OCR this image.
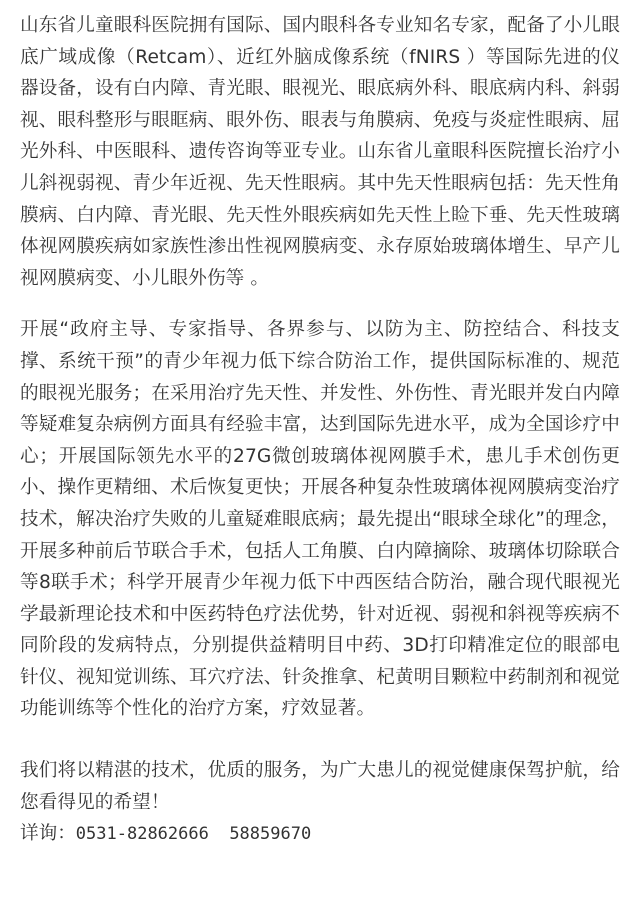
山东省儿童眼科医院拥有国际、国内眼科各专业知名专家，配备了小儿眼底广域成像（Retcam）、近红外脑成像系统（fNIRS ）等国际先进的仪器设备，设有白内障、青光眼、眼视光、眼底病外科、眼底病内科、斜弱视、眼科整形与眼眶病、眼外伤、眼表与角膜病、免疫与炎症性眼病、屈光外科、中医眼科、遗传咨询等亚专业。山东省儿童眼科医院擅长治疗小儿斜视弱视、青少年近视、先天性眼病。其中先天性眼病包括：先天性角膜病、白内障、青光眼、先天性外眼疾病如先天性上睑下垂、先天性玻璃体视网膜疾病如家族性渗出性视网膜病变、永存原始玻璃体增生、早产儿视网膜病变、小儿眼外伤等 。

开展“政府主导、专家指导、各界参与、以防为主、防控结合、科技支撑、系统干预”的青少年视力低下综合防治工作，提供国际标准的、规范的眼视光服务；在采用治疗先天性、并发性、外伤性、青光眼并发白内障等疑难复杂病例方面具有经验丰富，达到国际先进水平，成为全国诊疗中心；开展国际领先水平的27G微创玻璃体视网膜手术，患儿手术创伤更小、操作更精细、术后恢复更快；开展各种复杂性玻璃体视网膜病变治疗技术，解决治疗失败的儿童疑难眼底病；最先提出“眼球全球化”的理念，开展多种前后节联合手术，包括人工角膜、白内障摘除、玻璃体切除联合等8联手术；科学开展青少年视力低下中西医结合防治，融合现代眼视光学最新理论技术和中医药特色疗法优势，针对近视、弱视和斜视等疾病不同阶段的发病特点，分别提供益精明目中药、3D打印精准定位的眼部电针仪、视知觉训练、耳穴疗法、针灸推拿、杞黄明目颗粒中药制剂和视觉功能训练等个性化的治疗方案，疗效显著。

我们将以精湛的技术，优质的服务，为广大患儿的视觉健康保驾护航，给您看得见的希望！

详询：0531-82862666  58859670
